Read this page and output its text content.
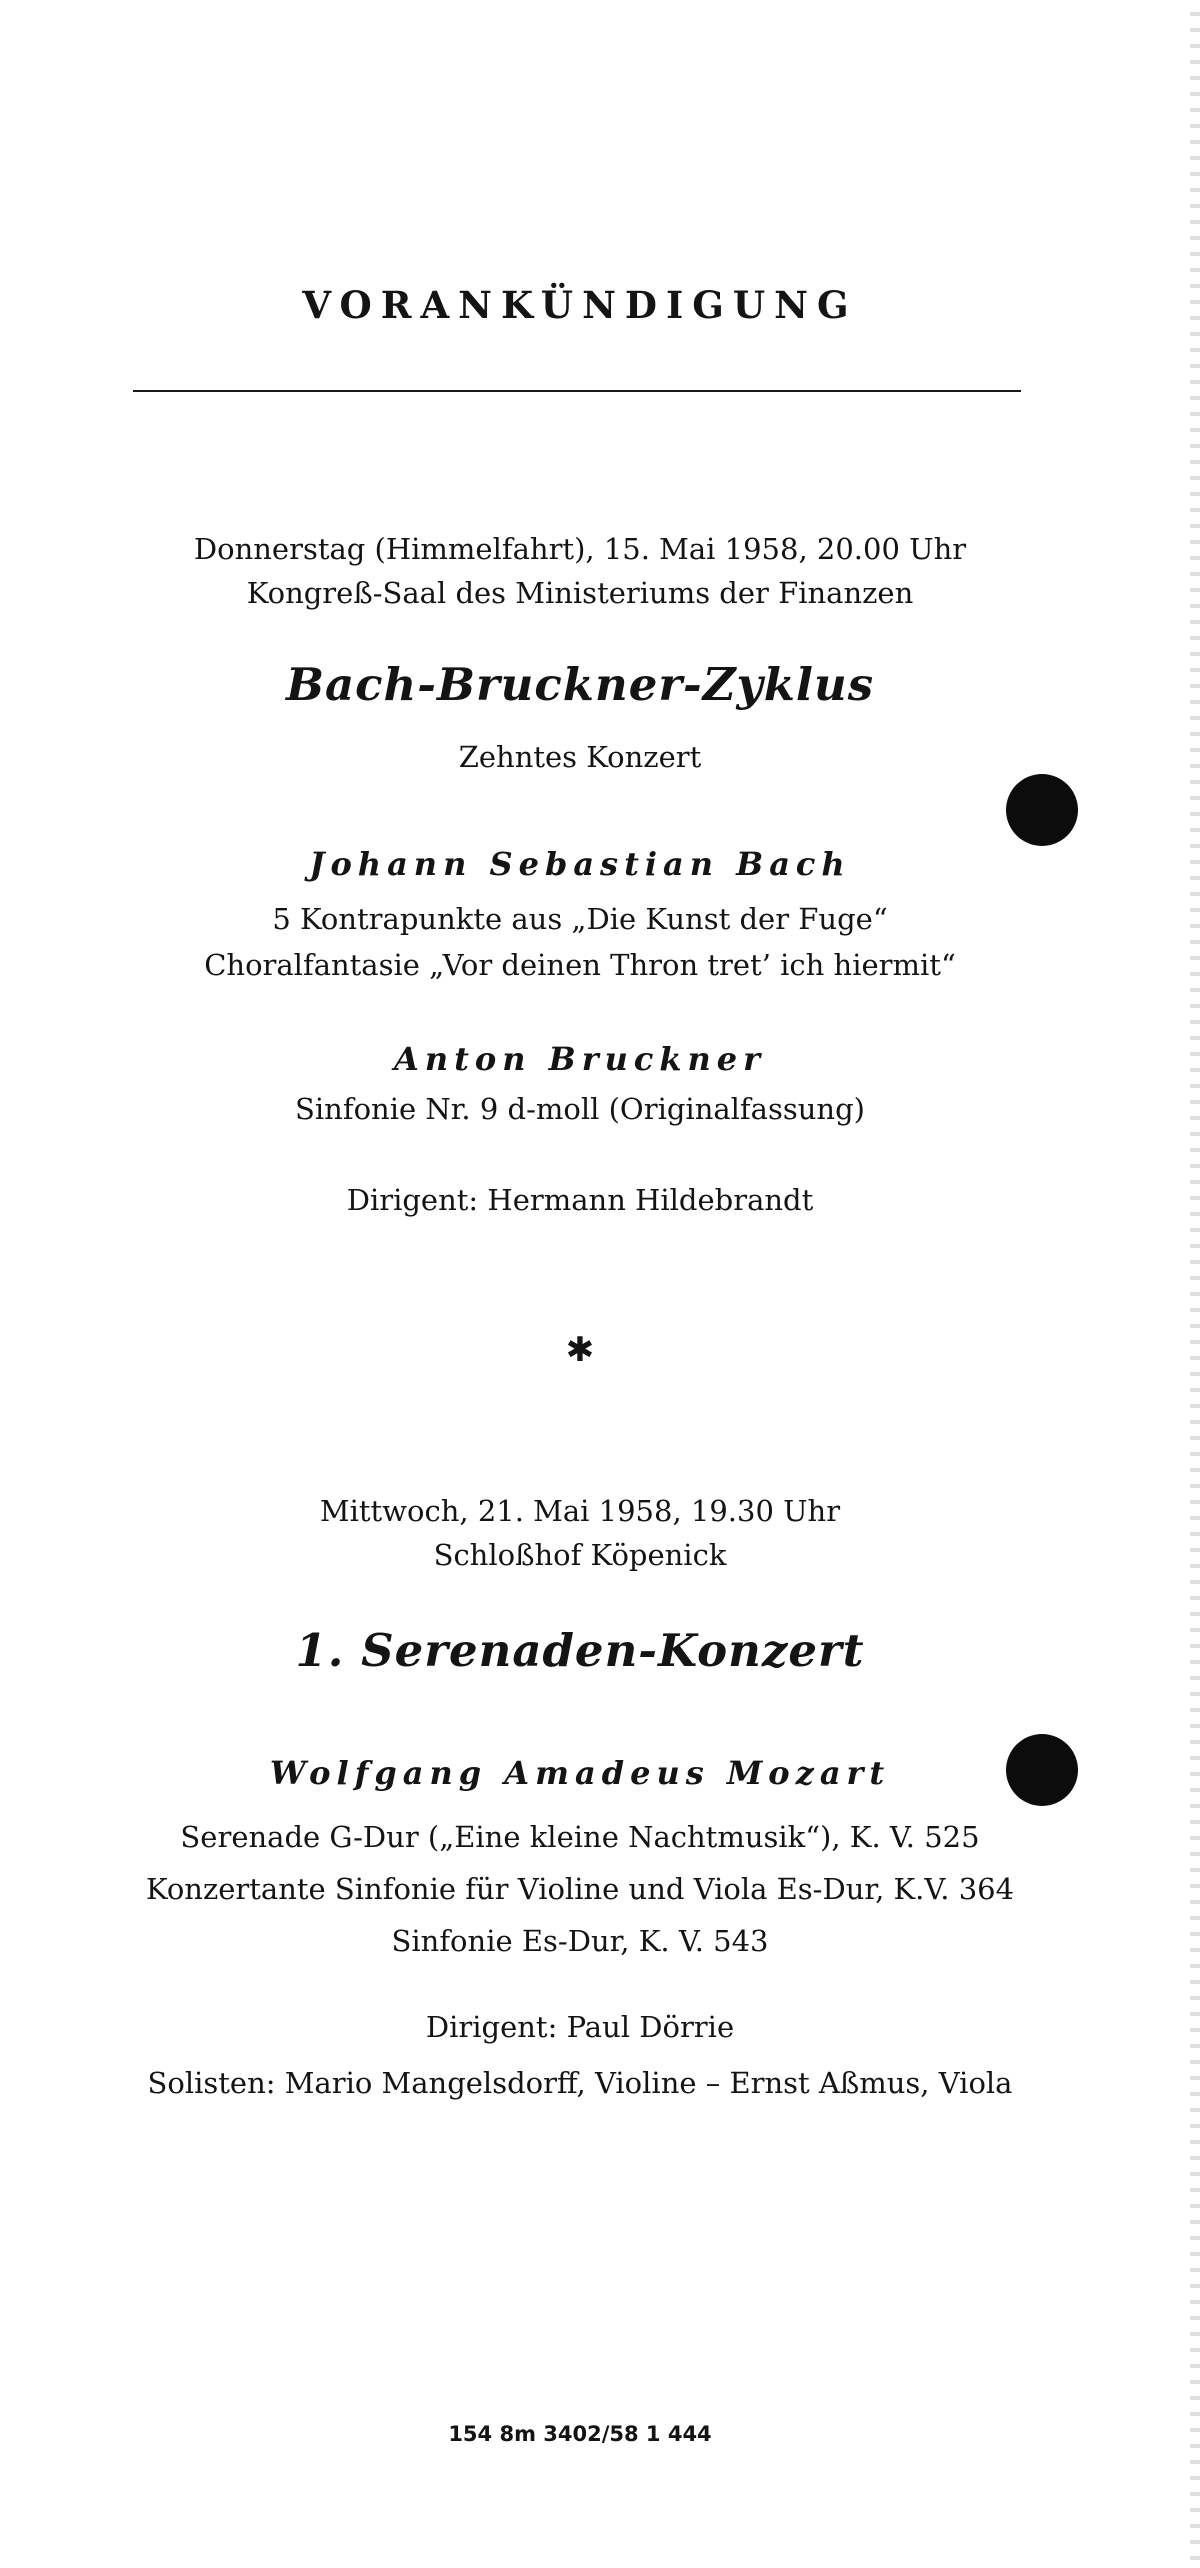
VORANKÜNDIGUNG
Donnerstag (Himmelfahrt), 15. Mai 1958, 20.00 Uhr
Kongreß-Saal des Ministeriums der Finanzen
Bach-Bruckner-Zyklus
Zehntes Konzert
Johann Sebastian Bach
5 Kontrapunkte aus „Die Kunst der Fuge“
Choralfantasie „Vor deinen Thron tret’ ich hiermit“
Anton Bruckner
Sinfonie Nr. 9 d-moll (Originalfassung)
Dirigent: Hermann Hildebrandt
✱
Mittwoch, 21. Mai 1958, 19.30 Uhr
Schloßhof Köpenick
1. Serenaden-Konzert
Wolfgang Amadeus Mozart
Serenade G-Dur („Eine kleine Nachtmusik“), K. V. 525
Konzertante Sinfonie für Violine und Viola Es-Dur, K.V. 364
Sinfonie Es-Dur, K. V. 543
Dirigent: Paul Dörrie
Solisten: Mario Mangelsdorff, Violine – Ernst Aßmus, Viola
154 8m 3402/58 1 444
